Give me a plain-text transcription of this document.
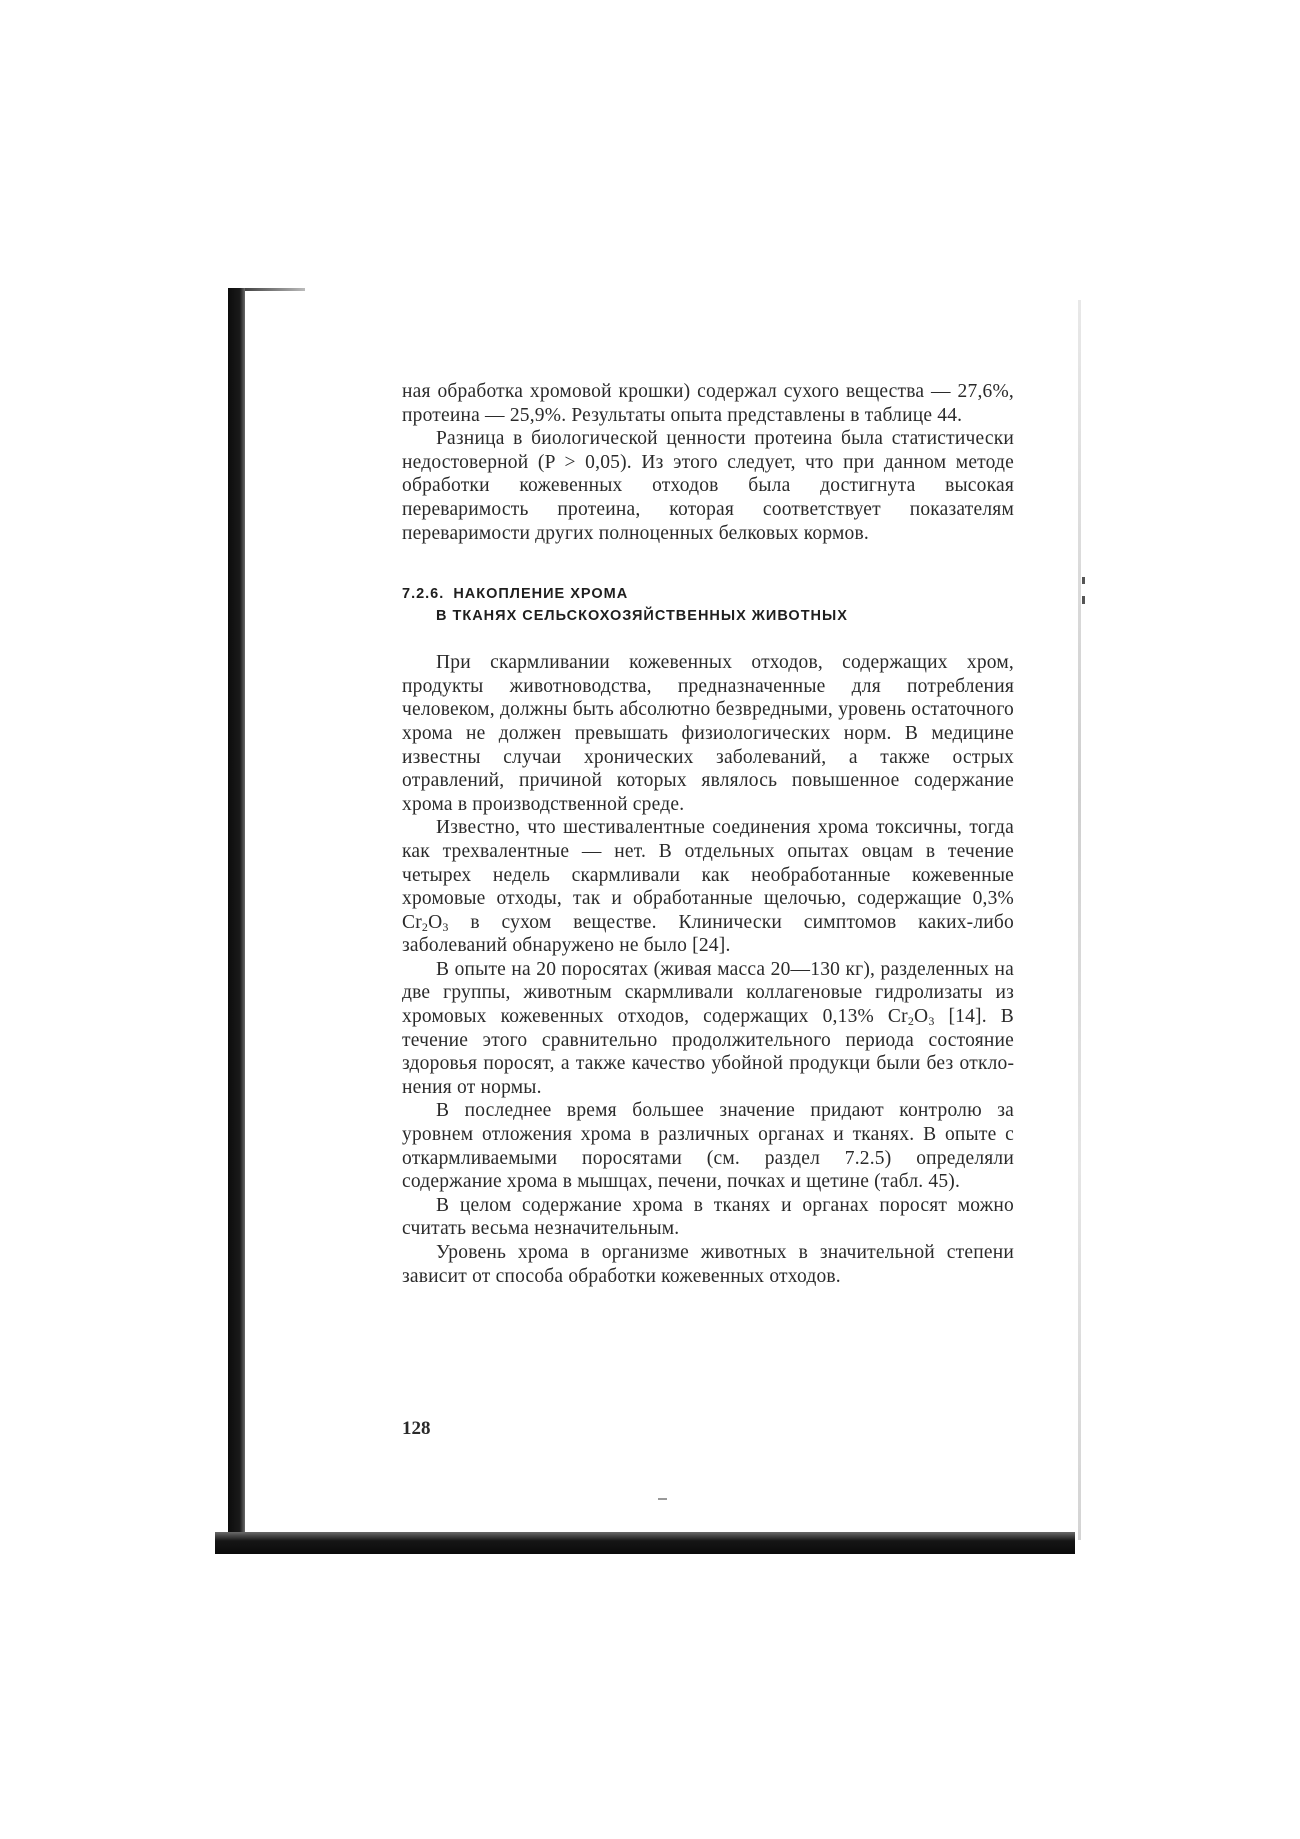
ная обработка хромовой крошки) содержал сухого вещества — 27,6%, протеина — 25,9%. Результаты опыта представлены в таблице 44.

Разница в биологической ценности протеина была статистически недостоверной (P > 0,05). Из этого следует, что при данном методе обработки кожевенных отходов была достигнута высокая переваримость протеина, которая соответствует показателям переваримости других полноценных белковых кормов.

7.2.6. НАКОПЛЕНИЕ ХРОМА
В ТКАНЯХ СЕЛЬСКОХОЗЯЙСТВЕННЫХ ЖИВОТНЫХ

При скармливании кожевенных отходов, содержащих хром, продукты животноводства, предназначенные для потребления человеком, должны быть абсолютно безвредными, уровень остаточного хрома не должен превышать физиологических норм. В медицине известны случаи хронических заболеваний, а также острых отравлений, причиной которых являлось повышенное содержание хрома в производственной среде.

Известно, что шестивалентные соединения хрома токсичны, тогда как трехвалентные — нет. В отдельных опытах овцам в течение четырех недель скармливали как необработанные кожевенные хромовые отходы, так и обработанные щелочью, содержащие 0,3% $Cr_2O_3$ в сухом веществе. Клинически симптомов каких-либо заболеваний обнаружено не было [24].

В опыте на 20 поросятах (живая масса 20—130 кг), разделенных на две группы, животным скармливали коллагеновые гидролизаты из хромовых кожевенных отходов, содержащих 0,13% $Cr_2O_3$ [14]. В течение этого сравнительно продолжительного периода состояние здоровья поросят, а также качество убойной продукци были без отклонения от нормы.

В последнее время большее значение придают контролю за уровнем отложения хрома в различных органах и тканях. В опыте с откармливаемыми поросятами (см. раздел 7.2.5) определяли содержание хрома в мышцах, печени, почках и щетине (табл. 45).

В целом содержание хрома в тканях и органах поросят можно считать весьма незначительным.

Уровень хрома в организме животных в значительной степени зависит от способа обработки кожевенных отходов.

128
